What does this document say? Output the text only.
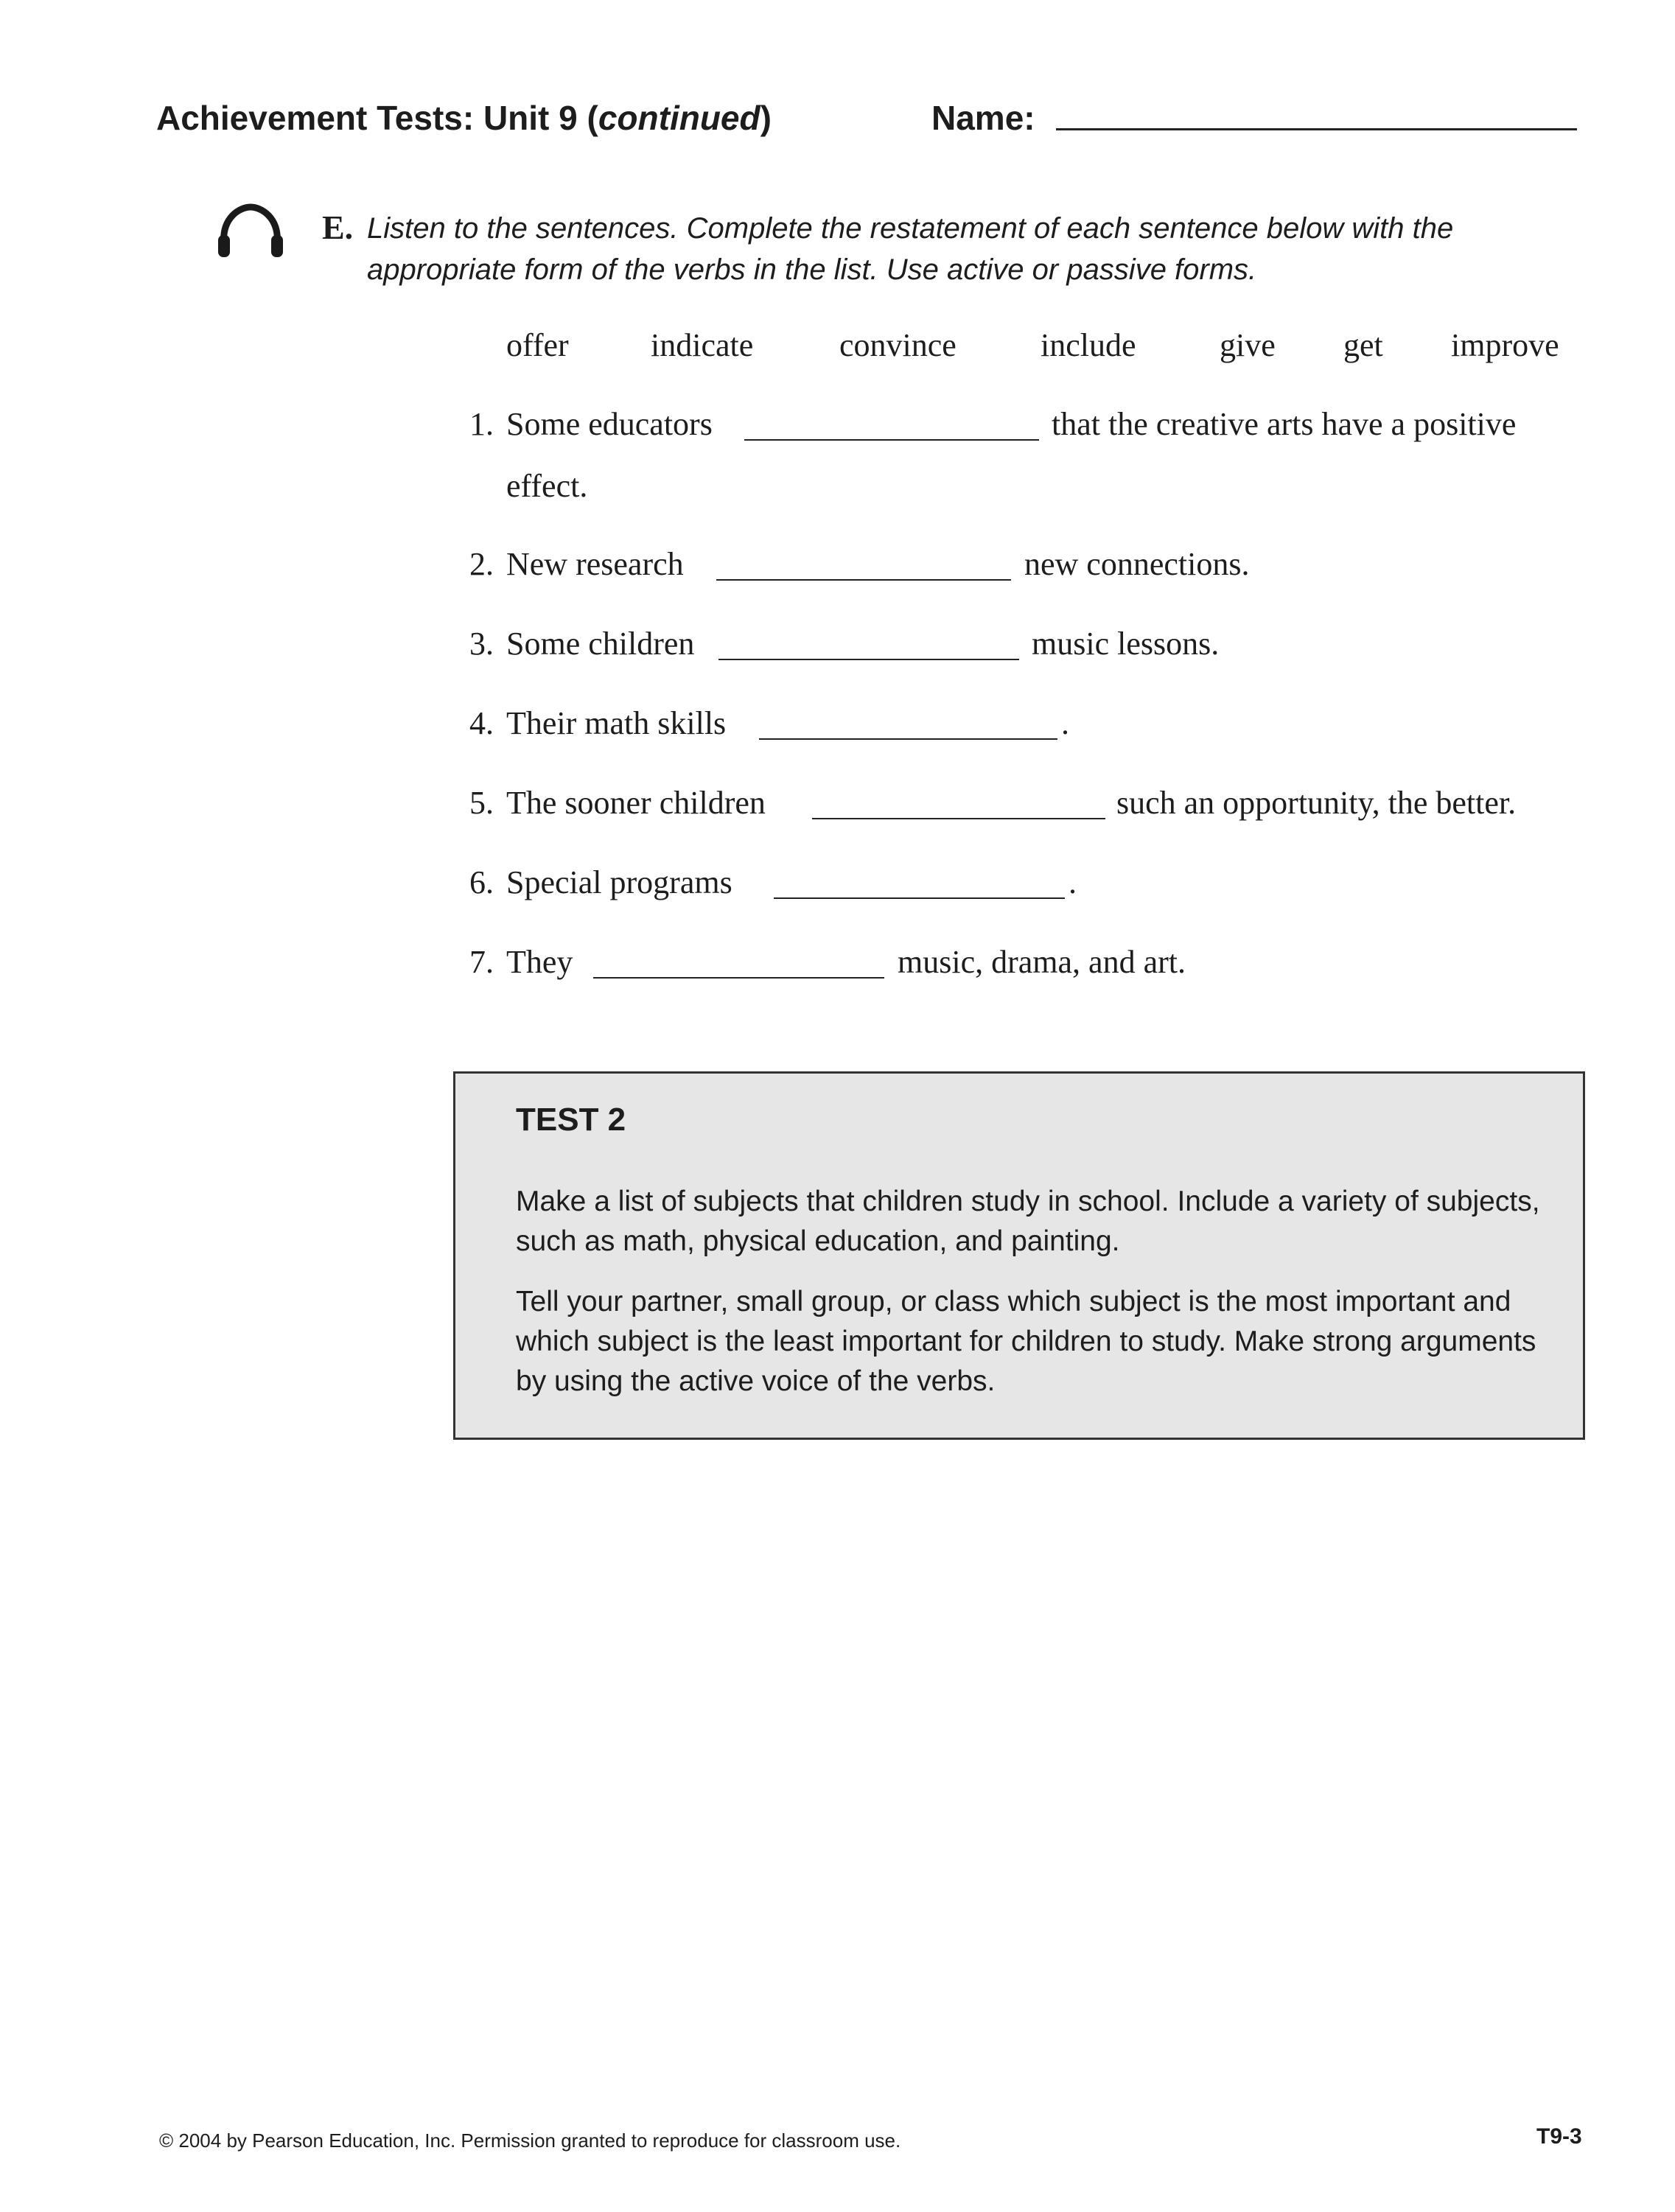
Achievement Tests: Unit 9 (continued)	Name:
E. Listen to the sentences. Complete the restatement of each sentence below with the appropriate form of the verbs in the list. Use active or passive forms.
offer	indicate	convince	include	give get improve
1. Some educators	that the creative arts have a positive
effect.
2. New research	new connections.
3. Some children	music lessons.
4. Their math skills	.
5. The sooner children	such an opportunity, the better.
6. Special programs	.
7. They	music, drama, and art.
TEST 2
Make a list of subjects that children study in school. Include a variety of subjects, such as math, physical education, and painting.
Tell your partner, small group, or class which subject is the most important and which subject is the least important for children to study. Make strong arguments by using the active voice of the verbs.
© 2004 by Pearson Education, Inc. Permission granted to reproduce for classroom use.	T9-3
